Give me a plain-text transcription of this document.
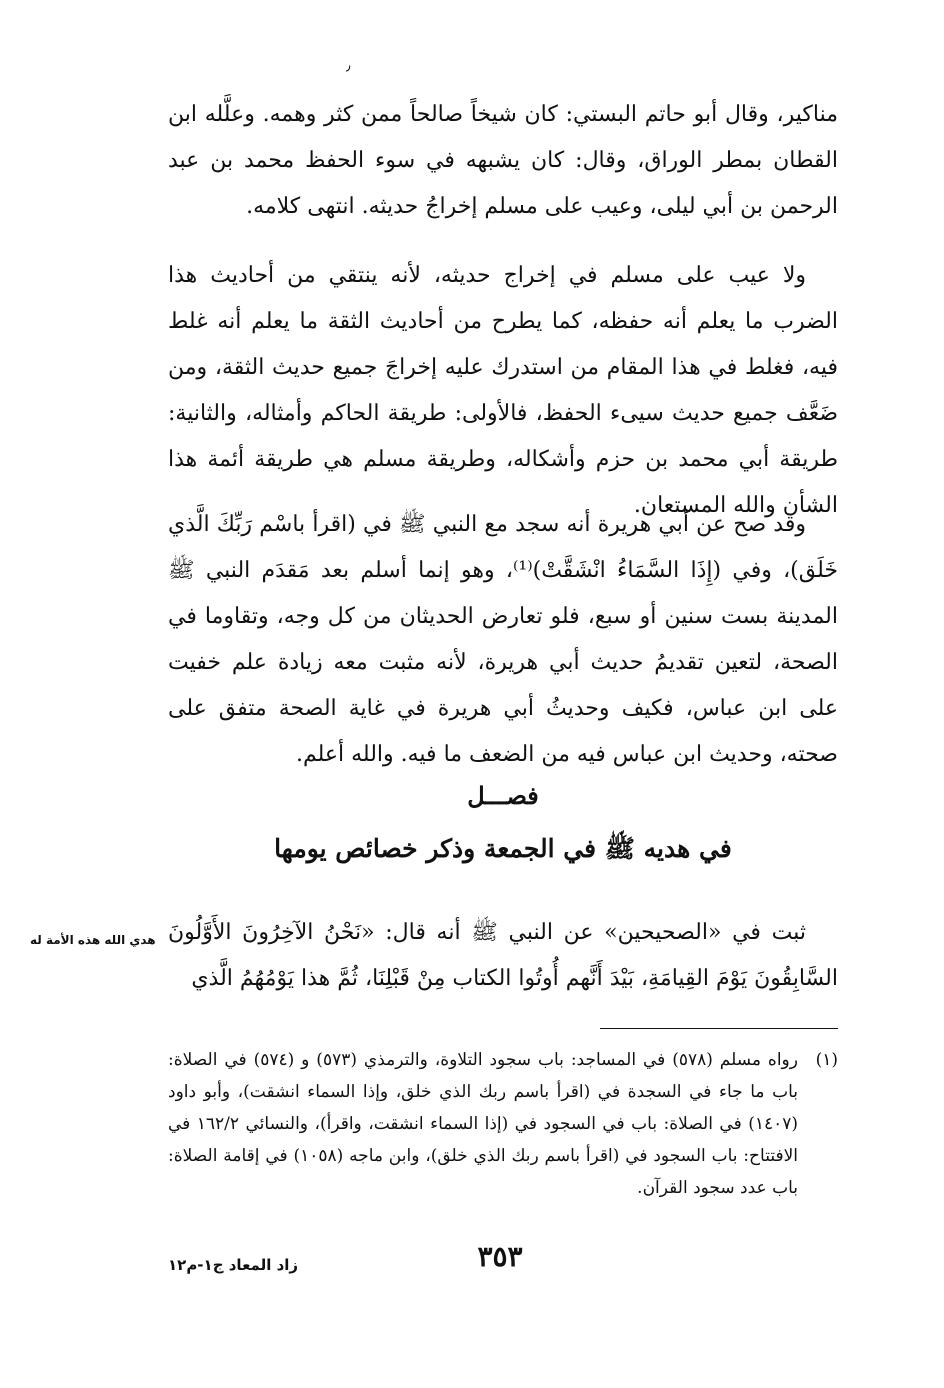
٫

مناكير، وقال أبو حاتم البستي: كان شيخاً صالحاً ممن كثر وهمه. وعلَّله ابن القطان بمطر الوراق، وقال: كان يشبهه في سوء الحفظ محمد بن عبد الرحمن بن أبي ليلى، وعيب على مسلم إخراجُ حديثه. انتهى كلامه.

ولا عيب على مسلم في إخراج حديثه، لأنه ينتقي من أحاديث هذا الضرب ما يعلم أنه حفظه، كما يطرح من أحاديث الثقة ما يعلم أنه غلط فيه، فغلط في هذا المقام من استدرك عليه إخراجَ جميع حديث الثقة، ومن ضَعَّف جميع حديث سيىء الحفظ، فالأولى: طريقة الحاكم وأمثاله، والثانية: طريقة أبي محمد بن حزم وأشكاله، وطريقة مسلم هي طريقة أئمة هذا الشأن والله المستعان.

وقد صح عن أبي هريرة أنه سجد مع النبي ﷺ في (اقرأ باسْم رَبِّكَ الَّذي خَلَق)، وفي (إِذَا السَّمَاءُ انْشَقَّتْ)⁽¹⁾، وهو إنما أسلم بعد مَقدَم النبي ﷺ المدينة بست سنين أو سبع، فلو تعارض الحديثان من كل وجه، وتقاوما في الصحة، لتعين تقديمُ حديث أبي هريرة، لأنه مثبت معه زيادة علم خفيت على ابن عباس، فكيف وحديثُ أبي هريرة في غاية الصحة متفق على صحته، وحديث ابن عباس فيه من الضعف ما فيه. والله أعلم.

فصـــل
في هديه ﷺ في الجمعة وذكر خصائص يومها
هدي الله هذه الأمة له ثبت في «الصحيحين» عن النبي ﷺ أنه قال: «نَحْنُ الآخِرُونَ الأَوَّلُونَ السَّابِقُونَ يَوْمَ القِيامَةِ، بَيْدَ أَنَّهم أُوتُوا الكتاب مِنْ قَبْلِنَا، ثُمَّ هذا يَوْمُهُمُ الَّذي

(١)

رواه مسلم (٥٧٨) في المساجد: باب سجود التلاوة، والترمذي (٥٧٣) و (٥٧٤) في الصلاة: باب ما جاء في السجدة في (اقرأ باسم ربك الذي خلق، وإذا السماء انشقت)، وأبو داود (١٤٠٧) في الصلاة: باب في السجود في (إذا السماء انشقت، واقرأ)، والنسائي ١٦٢/٢ في الافتتاح: باب السجود في (اقرأ باسم ربك الذي خلق)، وابن ماجه (١٠٥٨) في إقامة الصلاة: باب عدد سجود القرآن.

٣٥٣
زاد المعاد ج١-م١٢
